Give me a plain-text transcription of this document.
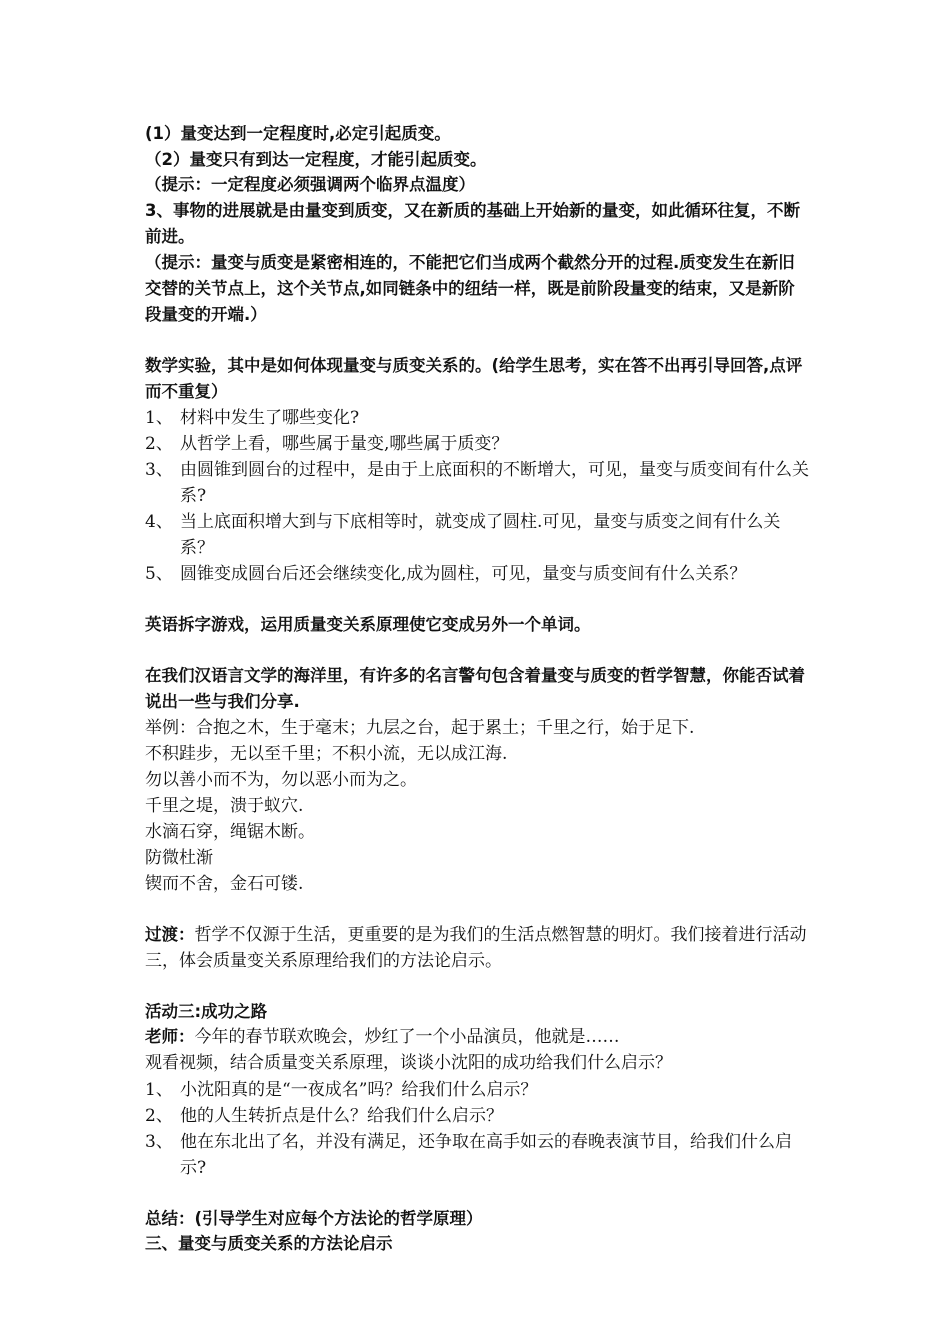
(1）量变达到一定程度时,必定引起质变。

（2）量变只有到达一定程度，才能引起质变。

（提示：一定程度必须强调两个临界点温度）

3、事物的进展就是由量变到质变，又在新质的基础上开始新的量变，如此循环往复，不断前进。

（提示：量变与质变是紧密相连的，不能把它们当成两个截然分开的过程.质变发生在新旧交替的关节点上，这个关节点,如同链条中的纽结一样，既是前阶段量变的结束，又是新阶段量变的开端.）

数学实验，其中是如何体现量变与质变关系的。(给学生思考，实在答不出再引导回答,点评而不重复）

1、 材料中发生了哪些变化?
2、 从哲学上看，哪些属于量变,哪些属于质变？
3、 由圆锥到圆台的过程中，是由于上底面积的不断增大，可见，量变与质变间有什么关系?
4、 当上底面积增大到与下底相等时，就变成了圆柱.可见，量变与质变之间有什么关系？
5、 圆锥变成圆台后还会继续变化,成为圆柱，可见，量变与质变间有什么关系？

英语拆字游戏，运用质量变关系原理使它变成另外一个单词。

在我们汉语言文学的海洋里，有许多的名言警句包含着量变与质变的哲学智慧，你能否试着说出一些与我们分享.

举例：合抱之木，生于毫末；九层之台，起于累土；千里之行，始于足下.

不积跬步，无以至千里；不积小流，无以成江海.

勿以善小而不为，勿以恶小而为之。

千里之堤，溃于蚁穴.

水滴石穿，绳锯木断。

防微杜渐

锲而不舍，金石可镂.

过渡：哲学不仅源于生活，更重要的是为我们的生活点燃智慧的明灯。我们接着进行活动三，体会质量变关系原理给我们的方法论启示。

活动三:成功之路

老师：今年的春节联欢晚会，炒红了一个小品演员，他就是……

观看视频，结合质量变关系原理，谈谈小沈阳的成功给我们什么启示？

1、 小沈阳真的是“一夜成名”吗？给我们什么启示？
2、 他的人生转折点是什么？给我们什么启示？
3、 他在东北出了名，并没有满足，还争取在高手如云的春晚表演节目，给我们什么启示?

总结：(引导学生对应每个方法论的哲学原理）

三、量变与质变关系的方法论启示
